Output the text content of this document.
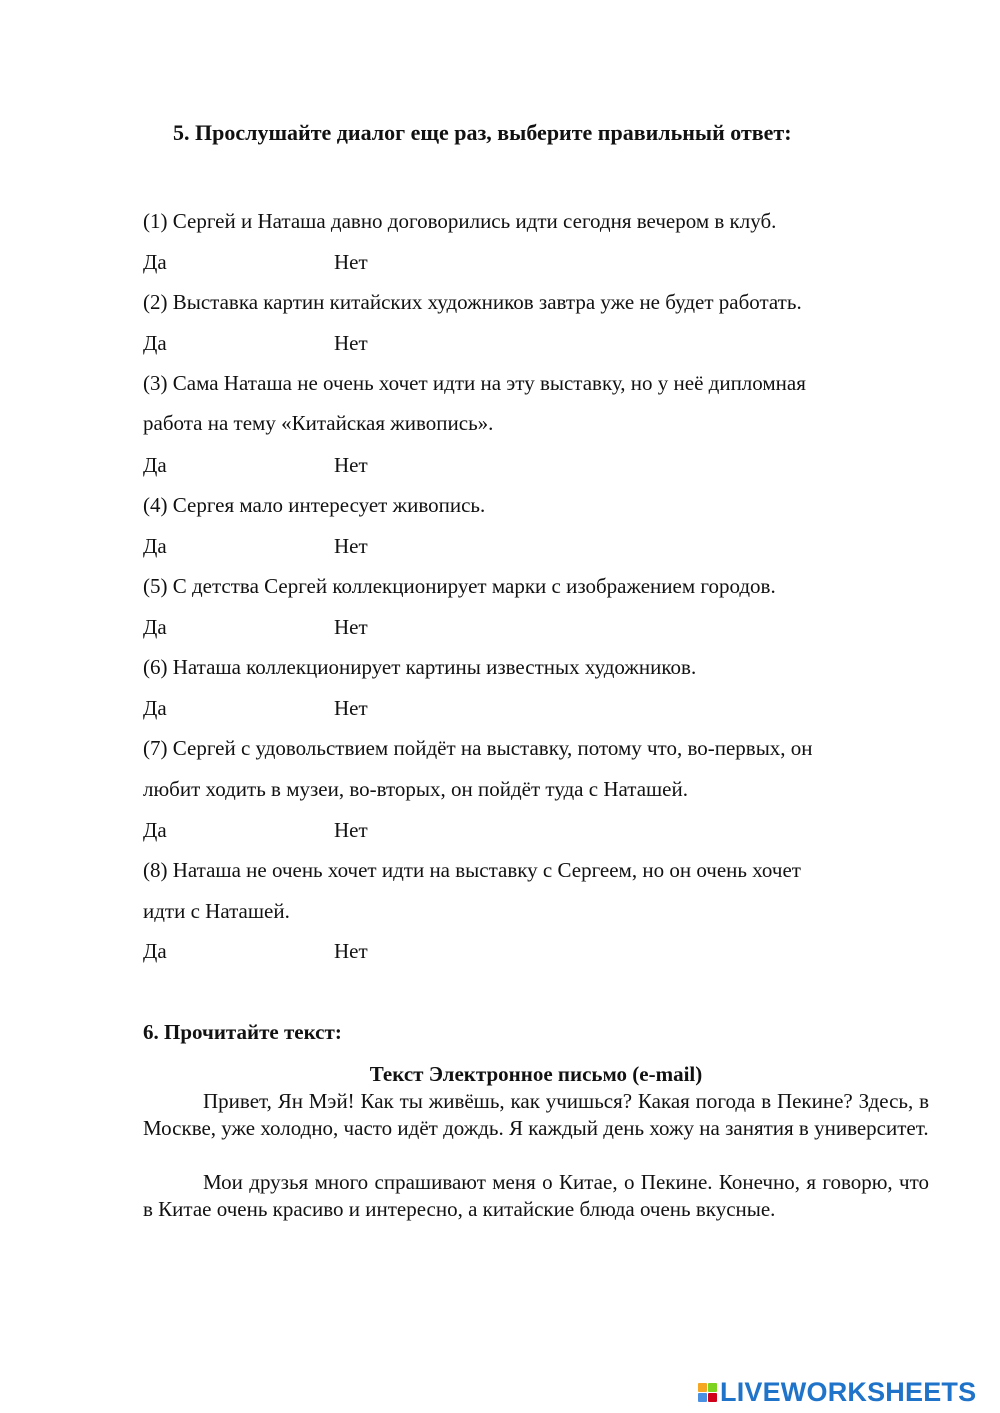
5. Прослушайте диалог еще раз, выберите правильный ответ:
(1) Сергей и Наташа давно договорились идти сегодня вечером в клуб.
Да	Нет
(2) Выставка картин китайских художников завтра уже не будет работать.
Да	Нет
(3) Сама Наташа не очень хочет идти на эту выставку, но у неё дипломная
работа на тему «Китайская живопись».
Да	Нет
(4) Сергея мало интересует живопись.
Да	Нет
(5) С детства Сергей коллекционирует марки с изображением городов.
Да	Нет
(6) Наташа коллекционирует картины известных художников.
Да	Нет
(7) Сергей с удовольствием пойдёт на выставку, потому что, во-первых, он
любит ходить в музеи, во-вторых, он пойдёт туда с Наташей.
Да	Нет
(8) Наташа не очень хочет идти на выставку с Сергеем, но он очень хочет
идти с Наташей.
Да	Нет
6. Прочитайте текст:
Текст Электронное письмо (e-mail)
Привет, Ян Мэй! Как ты живёшь, как учишься? Какая погода в Пекине? Здесь, в Москве, уже холодно, часто идёт дождь. Я каждый день хожу на занятия в университет.
Мои друзья много спрашивают меня о Китае, о Пекине. Конечно, я говорю, что в Китае очень красиво и интересно, а китайские блюда очень вкусные.
LIVEWORKSHEETS
